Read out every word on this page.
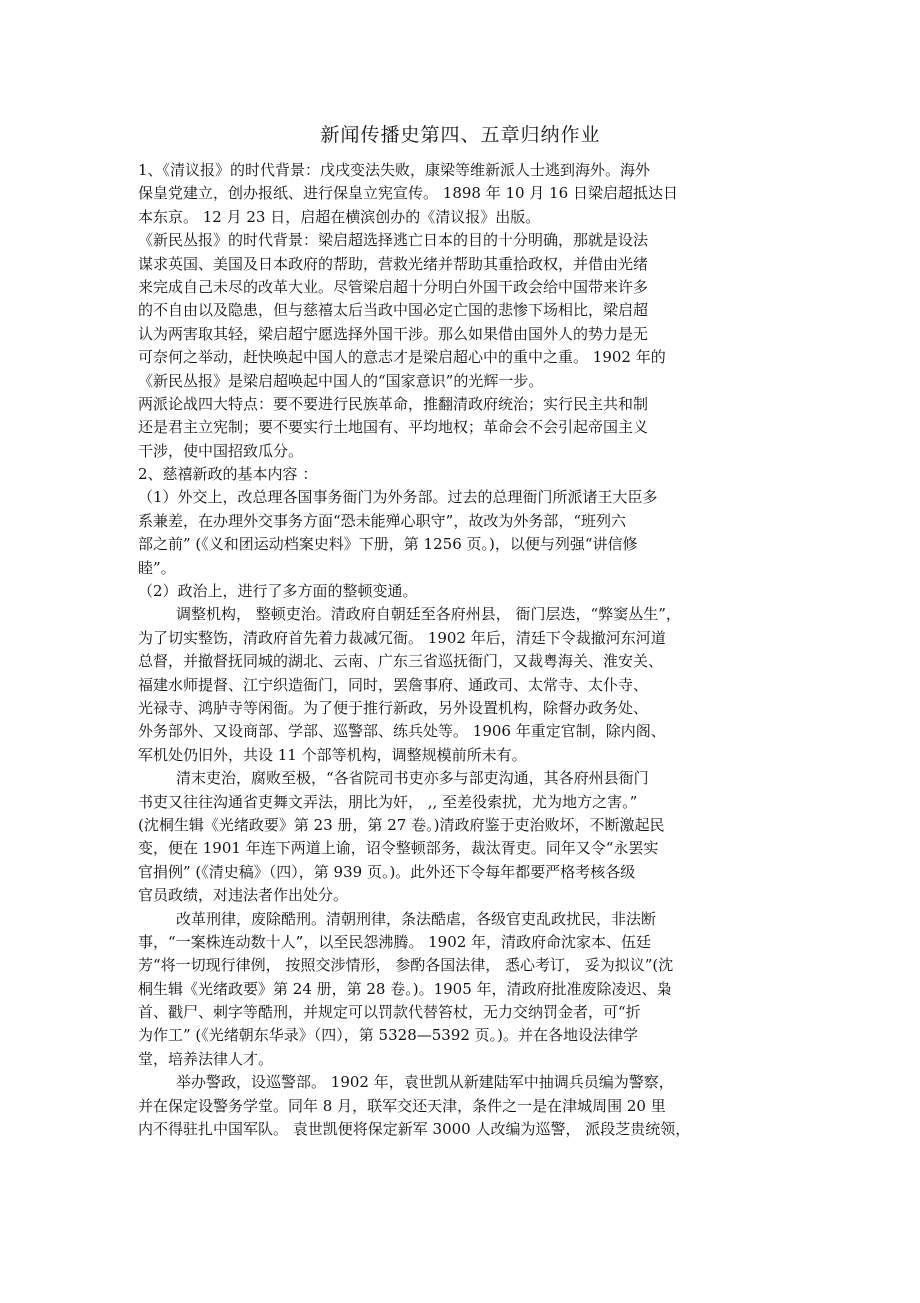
新闻传播史第四、五章归纳作业
1、《清议报》的时代背景：戊戌变法失败，康梁等维新派人士逃到海外。海外
保皇党建立，创办报纸、进行保皇立宪宣传。 1898 年 10 月 16 日梁启超抵达日
本东京。 12 月 23 日，启超在横滨创办的《清议报》出版。
《新民丛报》的时代背景：梁启超选择逃亡日本的目的十分明确，那就是设法
谋求英国、美国及日本政府的帮助，营救光绪并帮助其重拾政权，并借由光绪
来完成自己未尽的改革大业。尽管梁启超十分明白外国干政会给中国带来许多
的不自由以及隐患，但与慈禧太后当政中国必定亡国的悲惨下场相比，梁启超
认为两害取其轻，梁启超宁愿选择外国干涉。那么如果借由国外人的势力是无
可奈何之举动，赶快唤起中国人的意志才是梁启超心中的重中之重。 1902 年的
《新民丛报》是梁启超唤起中国人的“国家意识”的光辉一步。
两派论战四大特点：要不要进行民族革命，推翻清政府统治；实行民主共和制
还是君主立宪制；要不要实行土地国有、平均地权；革命会不会引起帝国主义
干涉，使中国招致瓜分。
2、慈禧新政的基本内容 ：
（1）外交上，改总理各国事务衙门为外务部。过去的总理衙门所派诸王大臣多
系兼差，在办理外交事务方面“恐未能殚心职守”，故改为外务部，“班列六
部之前” (《义和团运动档案史料》下册，第 1256 页。)，以便与列强“讲信修
睦”。
（2）政治上，进行了多方面的整顿变通。
调整机构， 整顿吏治。清政府自朝廷至各府州县， 衙门层迭，“弊窦丛生”，
为了切实整饬，清政府首先着力裁减冗衙。 1902 年后，清廷下令裁撤河东河道
总督，并撤督抚同城的湖北、云南、广东三省巡抚衙门，又裁粤海关、淮安关、
福建水师提督、江宁织造衙门，同时，罢詹事府、通政司、太常寺、太仆寺、
光禄寺、鸿胪寺等闲衙。为了便于推行新政，另外设置机构，除督办政务处、
外务部外、又设商部、学部、巡警部、练兵处等。 1906 年重定官制，除内阁、
军机处仍旧外，共设 11 个部等机构，调整规模前所未有。
清末吏治，腐败至极，“各省院司书吏亦多与部吏沟通，其各府州县衙门
书吏又往往沟通省吏舞文弄法，朋比为奸， ,, 至差役索扰，尤为地方之害。”
(沈桐生辑《光绪政要》第 23 册，第 27 卷。)清政府鉴于吏治败坏，不断激起民
变，便在 1901 年连下两道上谕，诏令整顿部务，裁汰胥吏。同年又令“永罢实
官捐例” (《清史稿》（四），第 939 页。)。此外还下令每年都要严格考核各级
官员政绩，对违法者作出处分。
改革刑律，废除酷刑。清朝刑律，条法酷虐，各级官吏乱政扰民，非法断
事，“一案株连动数十人”，以至民怨沸腾。 1902 年，清政府命沈家本、伍廷
芳“将一切现行律例， 按照交涉情形， 参酌各国法律， 悉心考订， 妥为拟议”(沈
桐生辑《光绪政要》第 24 册，第 28 卷。)。1905 年，清政府批准废除凌迟、枭
首、戳尸、刺字等酷刑，并规定可以罚款代替笞杖，无力交纳罚金者，可“折
为作工” (《光绪朝东华录》（四），第 5328—5392 页。)。并在各地设法律学
堂，培养法律人才。
举办警政，设巡警部。 1902 年，袁世凯从新建陆军中抽调兵员编为警察，
并在保定设警务学堂。同年 8 月，联军交还天津，条件之一是在津城周围 20 里
内不得驻扎中国军队。 袁世凯便将保定新军 3000 人改编为巡警， 派段芝贵统领，
